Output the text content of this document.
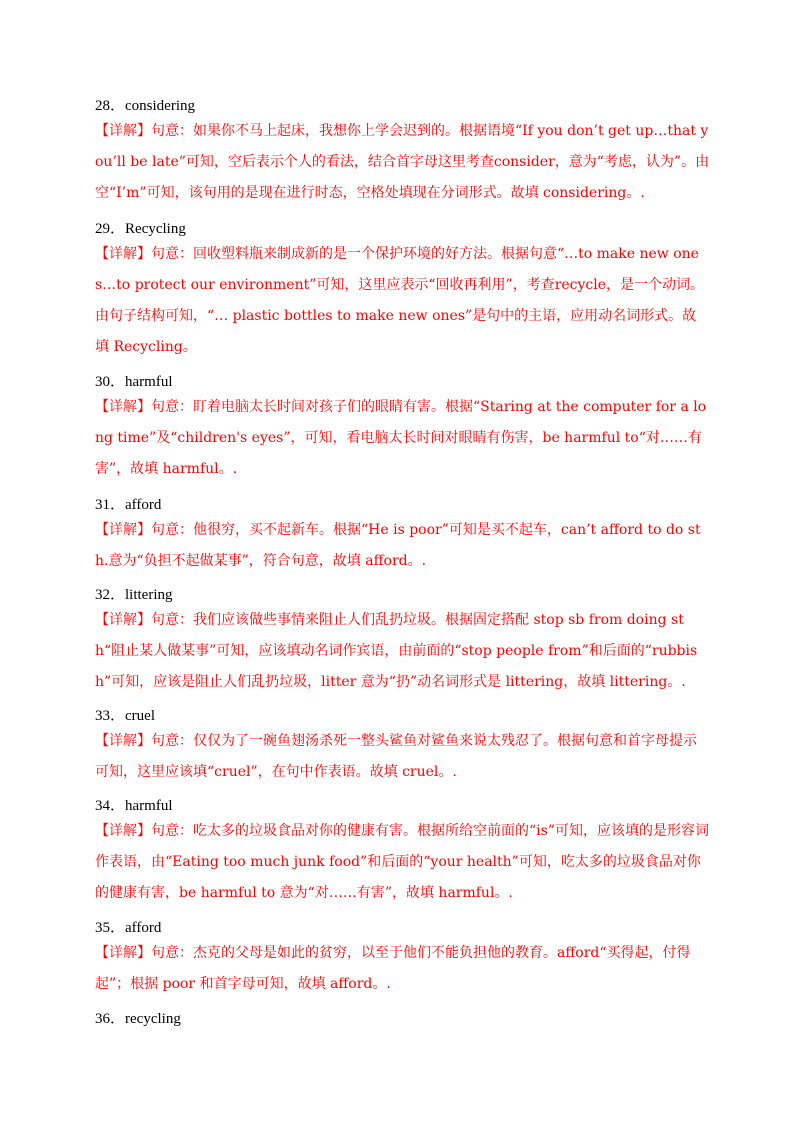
28．considering
【详解】句意：如果你不马上起床，我想你上学会迟到的。根据语境“If you don’t get up…that you’ll be late”可知，空后表示个人的看法，结合首字母这里考查consider，意为“考虑，认为”。由空“I’m”可知，该句用的是现在进行时态，空格处填现在分词形式。故填 considering。.
29．Recycling
【详解】句意：回收塑料瓶来制成新的是一个保护环境的好方法。根据句意“…to make new ones…to protect our environment”可知，这里应表示“回收再利用”，考查recycle，是一个动词。由句子结构可知，“… plastic bottles to make new ones”是句中的主语，应用动名词形式。故填 Recycling。
30．harmful
【详解】句意：盯着电脑太长时间对孩子们的眼睛有害。根据“Staring at the computer for a long time”及“children's eyes”，可知，看电脑太长时间对眼睛有伤害，be harmful to“对……有害”，故填 harmful。.
31．afford
【详解】句意：他很穷，买不起新车。根据“He is poor”可知是买不起车，can’t afford to do sth.意为“负担不起做某事”，符合句意，故填 afford。.
32．littering
【详解】句意：我们应该做些事情来阻止人们乱扔垃圾。根据固定搭配 stop sb from doing sth“阻止某人做某事”可知，应该填动名词作宾语，由前面的“stop people from”和后面的“rubbish”可知，应该是阻止人们乱扔垃圾，litter 意为“扔”动名词形式是 littering，故填 littering。.
33．cruel
【详解】句意：仅仅为了一碗鱼翅汤杀死一整头鲨鱼对鲨鱼来说太残忍了。根据句意和首字母提示可知，这里应该填“cruel”，在句中作表语。故填 cruel。.
34．harmful
【详解】句意：吃太多的垃圾食品对你的健康有害。根据所给空前面的“is”可知，应该填的是形容词作表语，由“Eating too much junk food”和后面的“your health”可知，吃太多的垃圾食品对你的健康有害，be harmful to 意为“对……有害”，故填 harmful。.
35．afford
【详解】句意：杰克的父母是如此的贫穷，以至于他们不能负担他的教育。afford“买得起，付得起”；根据 poor 和首字母可知，故填 afford。.
36．recycling
